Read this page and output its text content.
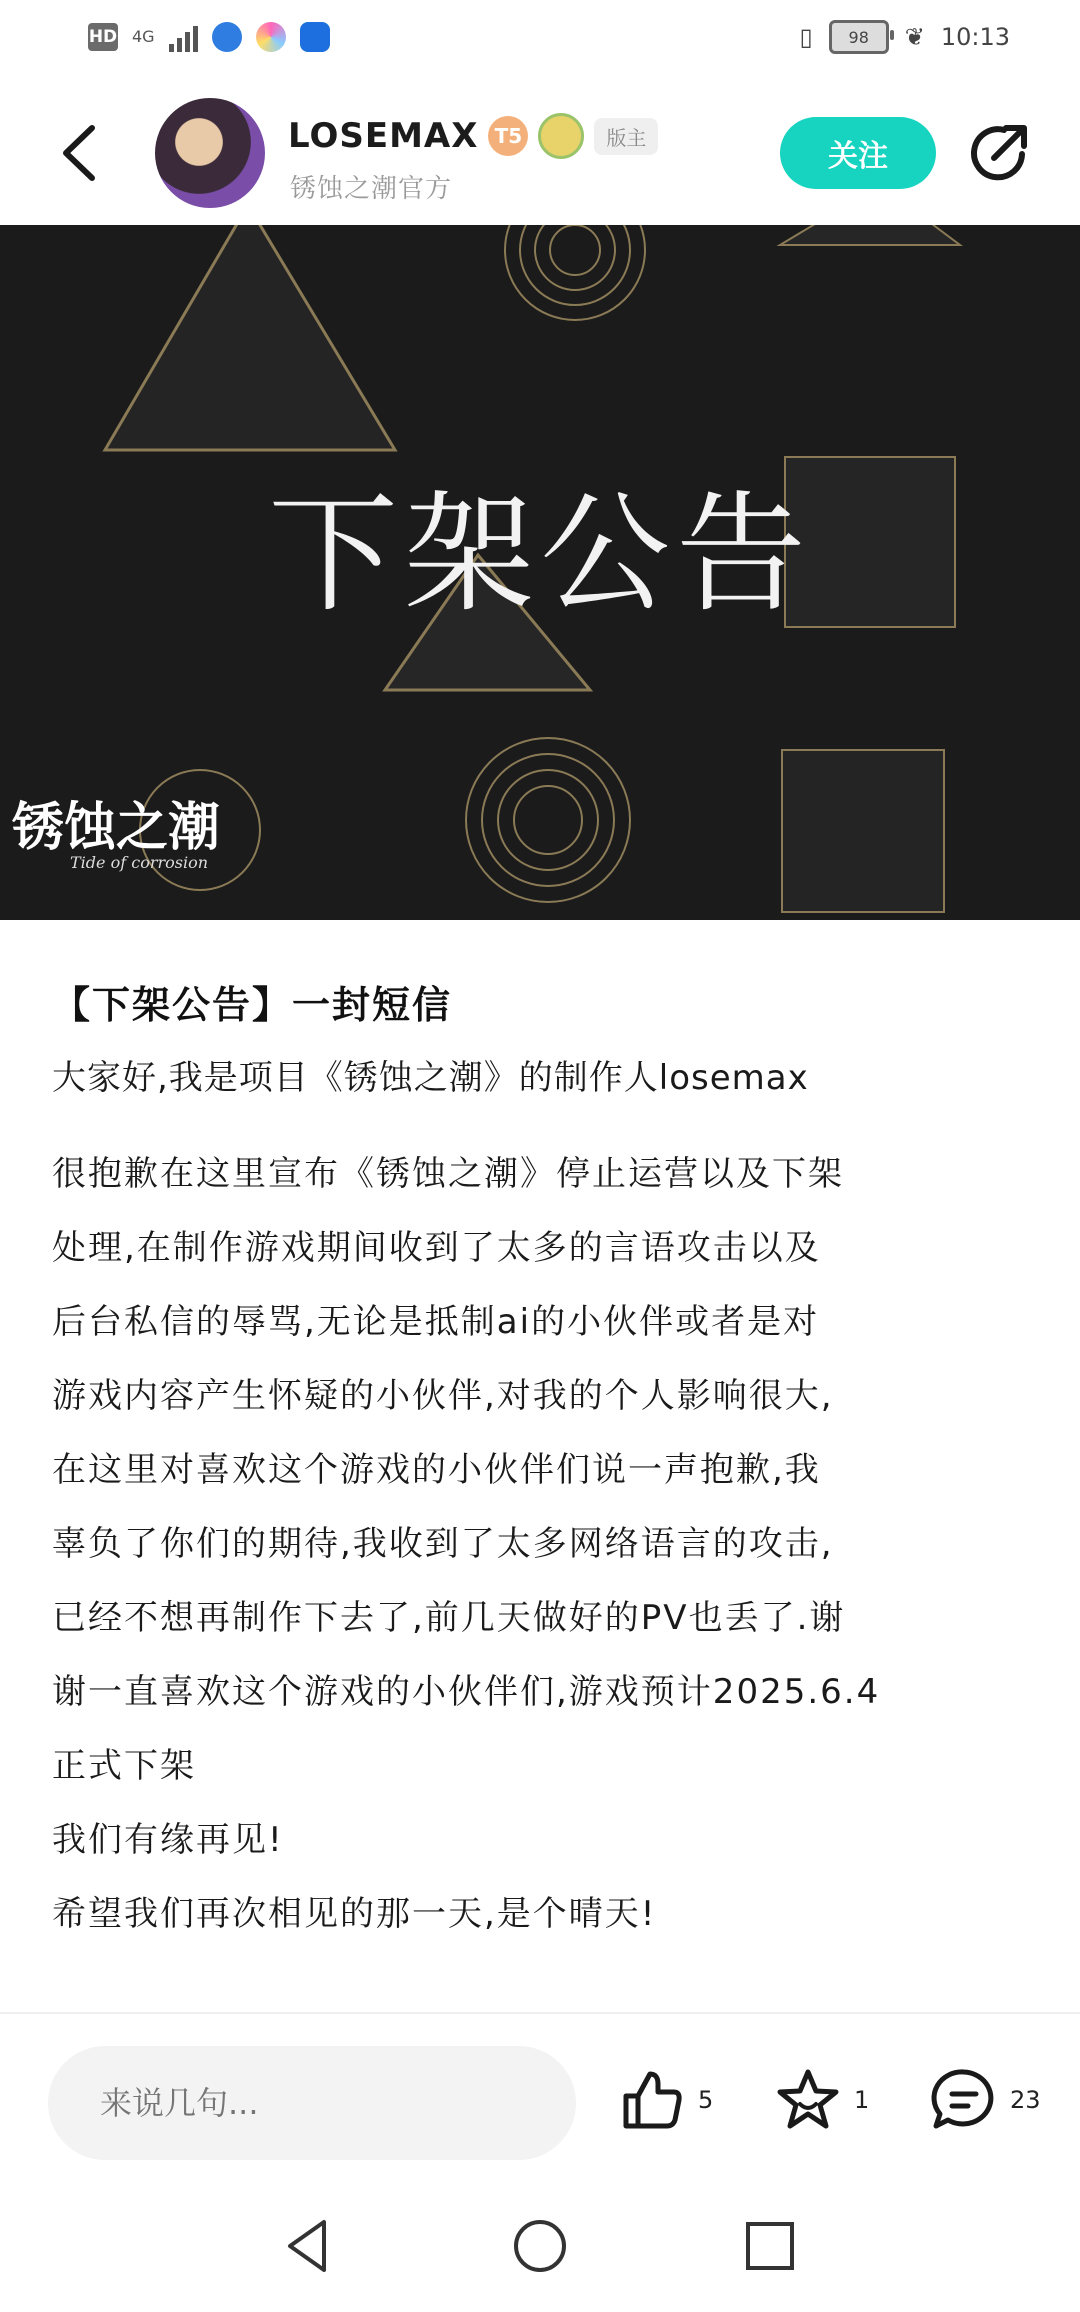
HD 4G	▯ 98 ❦ 10:13
LOSEMAX T5	版主
锈蚀之潮官方
关注
下架公告
锈蚀之潮
Tide of corrosion
【下架公告】一封短信

大家好,我是项目《锈蚀之潮》的制作人losemax

很抱歉在这里宣布《锈蚀之潮》停止运营以及下架
处理,在制作游戏期间收到了太多的言语攻击以及
后台私信的辱骂,无论是抵制ai的小伙伴或者是对
游戏内容产生怀疑的小伙伴,对我的个人影响很大,
在这里对喜欢这个游戏的小伙伴们说一声抱歉,我
辜负了你们的期待,我收到了太多网络语言的攻击,
已经不想再制作下去了,前几天做好的PV也丢了.谢
谢一直喜欢这个游戏的小伙伴们,游戏预计2025.6.4
正式下架
我们有缘再见!
希望我们再次相见的那一天,是个晴天!

来说几句...
5	1	23
